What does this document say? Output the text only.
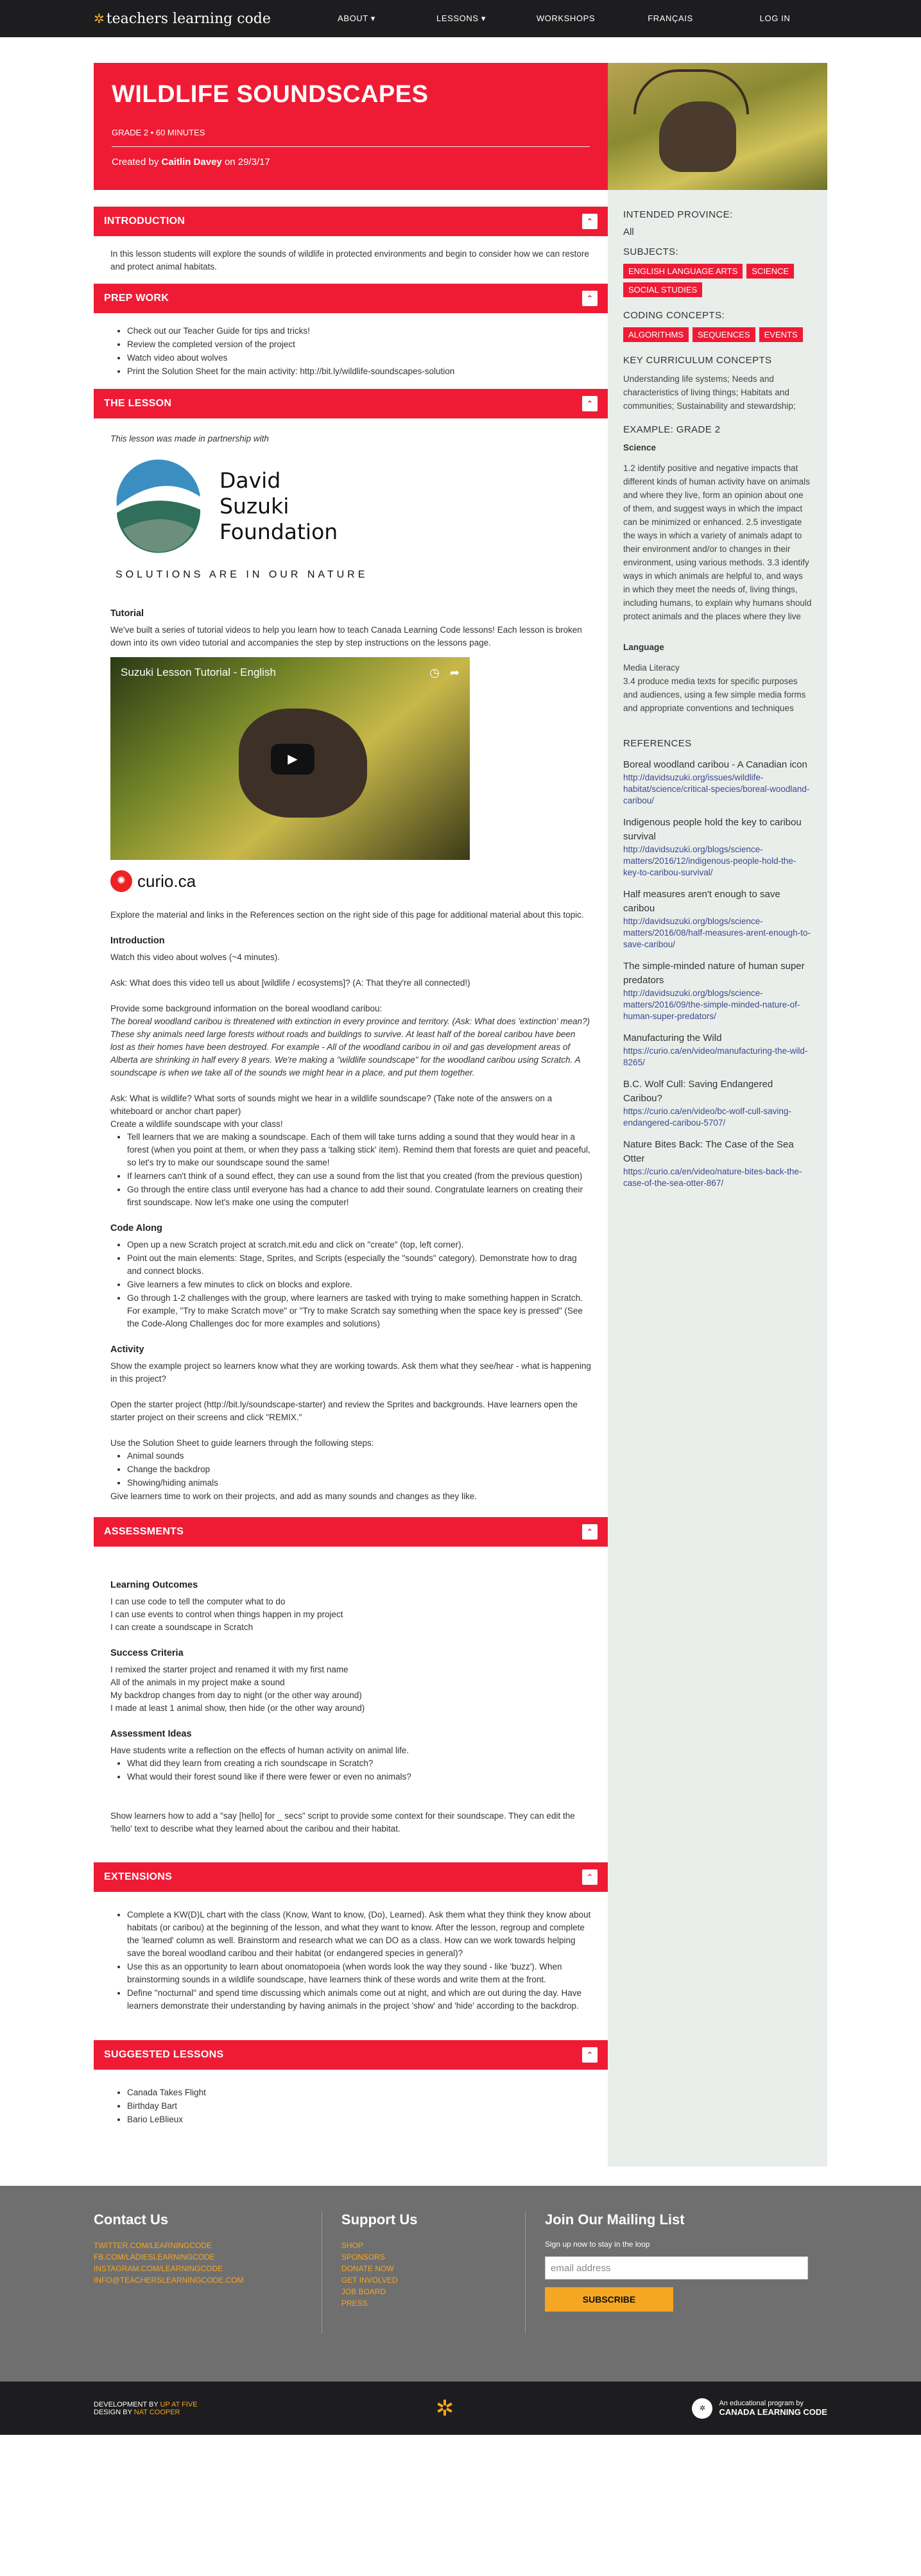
✲ teachers learning code	ABOUT ▾	LESSONS ▾	WORKSHOPS	FRANÇAIS	LOG IN
WILDLIFE SOUNDSCAPES
GRADE 2 • 60 MINUTES
Created by Caitlin Davey on 29/3/17
INTRODUCTION	⌃

In this lesson students will explore the sounds of wildlife in protected environments and begin to consider how we can restore and protect animal habitats.

PREP WORK	⌃
• Check out our Teacher Guide for tips and tricks!
• Review the completed version of the project
• Watch video about wolves
• Print the Solution Sheet for the main activity: http://bit.ly/wildlife-soundscapes-solution
THE LESSON	⌃

This lesson was made in partnership with

David
Suzuki
Foundation
SOLUTIONS ARE IN OUR NATURE
Tutorial

We've built a series of tutorial videos to help you learn how to teach Canada Learning Code lessons! Each lesson is broken down into its own video tutorial and accompanies the step by step instructions on the lessons page.

Suzuki Lesson Tutorial - English	◷ ➦
▶
✺ curio.ca

Explore the material and links in the References section on the right side of this page for additional material about this topic.

Introduction

Watch this video about wolves (~4 minutes).

Ask: What does this video tell us about [wildlife / ecosystems]? (A: That they're all connected!)

Provide some background information on the boreal woodland caribou:

The boreal woodland caribou is threatened with extinction in every province and territory. (Ask: What does 'extinction' mean?) These shy animals need large forests without roads and buildings to survive. At least half of the boreal caribou have been lost as their homes have been destroyed. For example - All of the woodland caribou in oil and gas development areas of Alberta are shrinking in half every 8 years. We're making a "wildlife soundscape" for the woodland caribou using Scratch. A soundscape is when we take all of the sounds we might hear in a place, and put them together.

Ask: What is wildlife? What sorts of sounds might we hear in a wildlife soundscape? (Take note of the answers on a whiteboard or anchor chart paper)

Create a wildlife soundscape with your class!

• Tell learners that we are making a soundscape. Each of them will take turns adding a sound that they would hear in a forest (when you point at them, or when they pass a 'talking stick' item). Remind them that forests are quiet and peaceful, so let's try to make our soundscape sound the same!
• If learners can't think of a sound effect, they can use a sound from the list that you created (from the previous question)
• Go through the entire class until everyone has had a chance to add their sound. Congratulate learners on creating their first soundscape. Now let's make one using the computer!
Code Along
• Open up a new Scratch project at scratch.mit.edu and click on "create" (top, left corner).
• Point out the main elements: Stage, Sprites, and Scripts (especially the "sounds" category). Demonstrate how to drag and connect blocks.
• Give learners a few minutes to click on blocks and explore.
• Go through 1-2 challenges with the group, where learners are tasked with trying to make something happen in Scratch. For example, "Try to make Scratch move" or "Try to make Scratch say something when the space key is pressed" (See the Code-Along Challenges doc for more examples and solutions)
Activity

Show the example project so learners know what they are working towards. Ask them what they see/hear - what is happening in this project?

Open the starter project (http://bit.ly/soundscape-starter) and review the Sprites and backgrounds. Have learners open the starter project on their screens and click "REMIX."

Use the Solution Sheet to guide learners through the following steps:

• Animal sounds
• Change the backdrop
• Showing/hiding animals

Give learners time to work on their projects, and add as many sounds and changes as they like.

ASSESSMENTS	⌃
Learning Outcomes

I can use code to tell the computer what to do

I can use events to control when things happen in my project

I can create a soundscape in Scratch

Success Criteria

I remixed the starter project and renamed it with my first name

All of the animals in my project make a sound

My backdrop changes from day to night (or the other way around)

I made at least 1 animal show, then hide (or the other way around)

Assessment Ideas

Have students write a reflection on the effects of human activity on animal life.

• What did they learn from creating a rich soundscape in Scratch?
• What would their forest sound like if there were fewer or even no animals?

Show learners how to add a "say [hello] for _ secs" script to provide some context for their soundscape. They can edit the 'hello' text to describe what they learned about the caribou and their habitat.

EXTENSIONS	⌃
• Complete a KW(D)L chart with the class (Know, Want to know, (Do), Learned). Ask them what they think they know about habitats (or caribou) at the beginning of the lesson, and what they want to know. After the lesson, regroup and complete the 'learned' column as well. Brainstorm and research what we can DO as a class. How can we work towards helping save the boreal woodland caribou and their habitat (or endangered species in general)?
• Use this as an opportunity to learn about onomatopoeia (when words look the way they sound - like 'buzz'). When brainstorming sounds in a wildlife soundscape, have learners think of these words and write them at the front.
• Define "nocturnal" and spend time discussing which animals come out at night, and which are out during the day. Have learners demonstrate their understanding by having animals in the project 'show' and 'hide' according to the backdrop.

SUGGESTED LESSONS	⌃
• Canada Takes Flight
• Birthday Bart
• Bario LeBlieux
INTENDED PROVINCE:
All
SUBJECTS:
ENGLISH LANGUAGE ARTS	SCIENCE
SOCIAL STUDIES
CODING CONCEPTS:
ALGORITHMS	SEQUENCES	EVENTS
KEY CURRICULUM CONCEPTS

Understanding life systems; Needs and characteristics of living things; Habitats and communities; Sustainability and stewardship;

EXAMPLE: GRADE 2
Science

1.2 identify positive and negative impacts that different kinds of human activity have on animals and where they live, form an opinion about one of them, and suggest ways in which the impact can be minimized or enhanced. 2.5 investigate the ways in which a variety of animals adapt to their environment and/or to changes in their environment, using various methods. 3.3 identify ways in which animals are helpful to, and ways in which they meet the needs of, living things, including humans, to explain why humans should protect animals and the places where they live

Language

Media Literacy

3.4 produce media texts for specific purposes and audiences, using a few simple media forms and appropriate conventions and techniques

REFERENCES
Boreal woodland caribou - A Canadian icon
http://davidsuzuki.org/issues/wildlife-habitat/science/critical-species/boreal-woodland-caribou/
Indigenous people hold the key to caribou survival
http://davidsuzuki.org/blogs/science-matters/2016/12/indigenous-people-hold-the-key-to-caribou-survival/
Half measures aren't enough to save caribou
http://davidsuzuki.org/blogs/science-matters/2016/08/half-measures-arent-enough-to-save-caribou/
The simple-minded nature of human super predators
http://davidsuzuki.org/blogs/science-matters/2016/09/the-simple-minded-nature-of-human-super-predators/
Manufacturing the Wild
https://curio.ca/en/video/manufacturing-the-wild-8265/
B.C. Wolf Cull: Saving Endangered Caribou?
https://curio.ca/en/video/bc-wolf-cull-saving-endangered-caribou-5707/
Nature Bites Back: The Case of the Sea Otter
https://curio.ca/en/video/nature-bites-back-the-case-of-the-sea-otter-867/
Contact Us
TWITTER.COM/LEARNINGCODE
FB.COM/LADIESLEARNINGCODE
INSTAGRAM.COM/LEARNINGCODE
INFO@TEACHERSLEARNINGCODE.COM
Support Us
SHOP
SPONSORS
DONATE NOW
GET INVOLVED
JOB BOARD
PRESS
Join Our Mailing List
Sign up now to stay in the loop
email address
SUBSCRIBE
DEVELOPMENT BY UP AT FIVE
DESIGN BY NAT COOPER	✲	✲
An educational program by
CANADA LEARNING CODE
